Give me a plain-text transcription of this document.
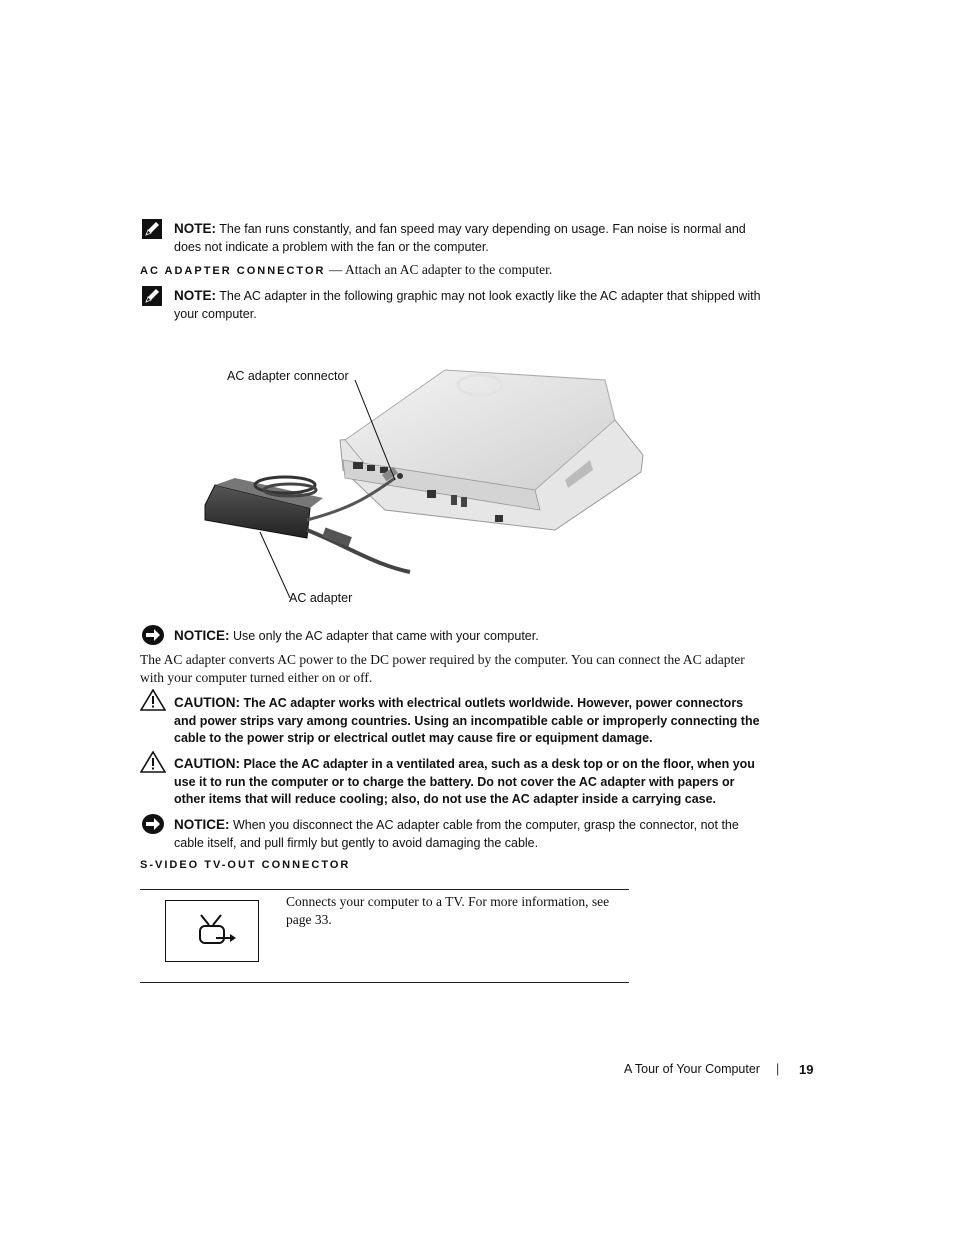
NOTE: The fan runs constantly, and fan speed may vary depending on usage. Fan noise is normal and does not indicate a problem with the fan or the computer.

AC ADAPTER CONNECTOR — Attach an AC adapter to the computer.

NOTE: The AC adapter in the following graphic may not look exactly like the AC adapter that shipped with your computer.

AC adapter connector
AC adapter

NOTICE: Use only the AC adapter that came with your computer.

The AC adapter converts AC power to the DC power required by the computer. You can connect the AC adapter with your computer turned either on or off.

CAUTION: The AC adapter works with electrical outlets worldwide. However, power connectors and power strips vary among countries. Using an incompatible cable or improperly connecting the cable to the power strip or electrical outlet may cause fire or equipment damage.

CAUTION: Place the AC adapter in a ventilated area, such as a desk top or on the floor, when you use it to run the computer or to charge the battery. Do not cover the AC adapter with papers or other items that will reduce cooling; also, do not use the AC adapter inside a carrying case.

NOTICE: When you disconnect the AC adapter cable from the computer, grasp the connector, not the cable itself, and pull firmly but gently to avoid damaging the cable.

S-VIDEO TV-OUT CONNECTOR
Connects your computer to a TV. For more information, see page 33.
A Tour of Your Computer | 19
